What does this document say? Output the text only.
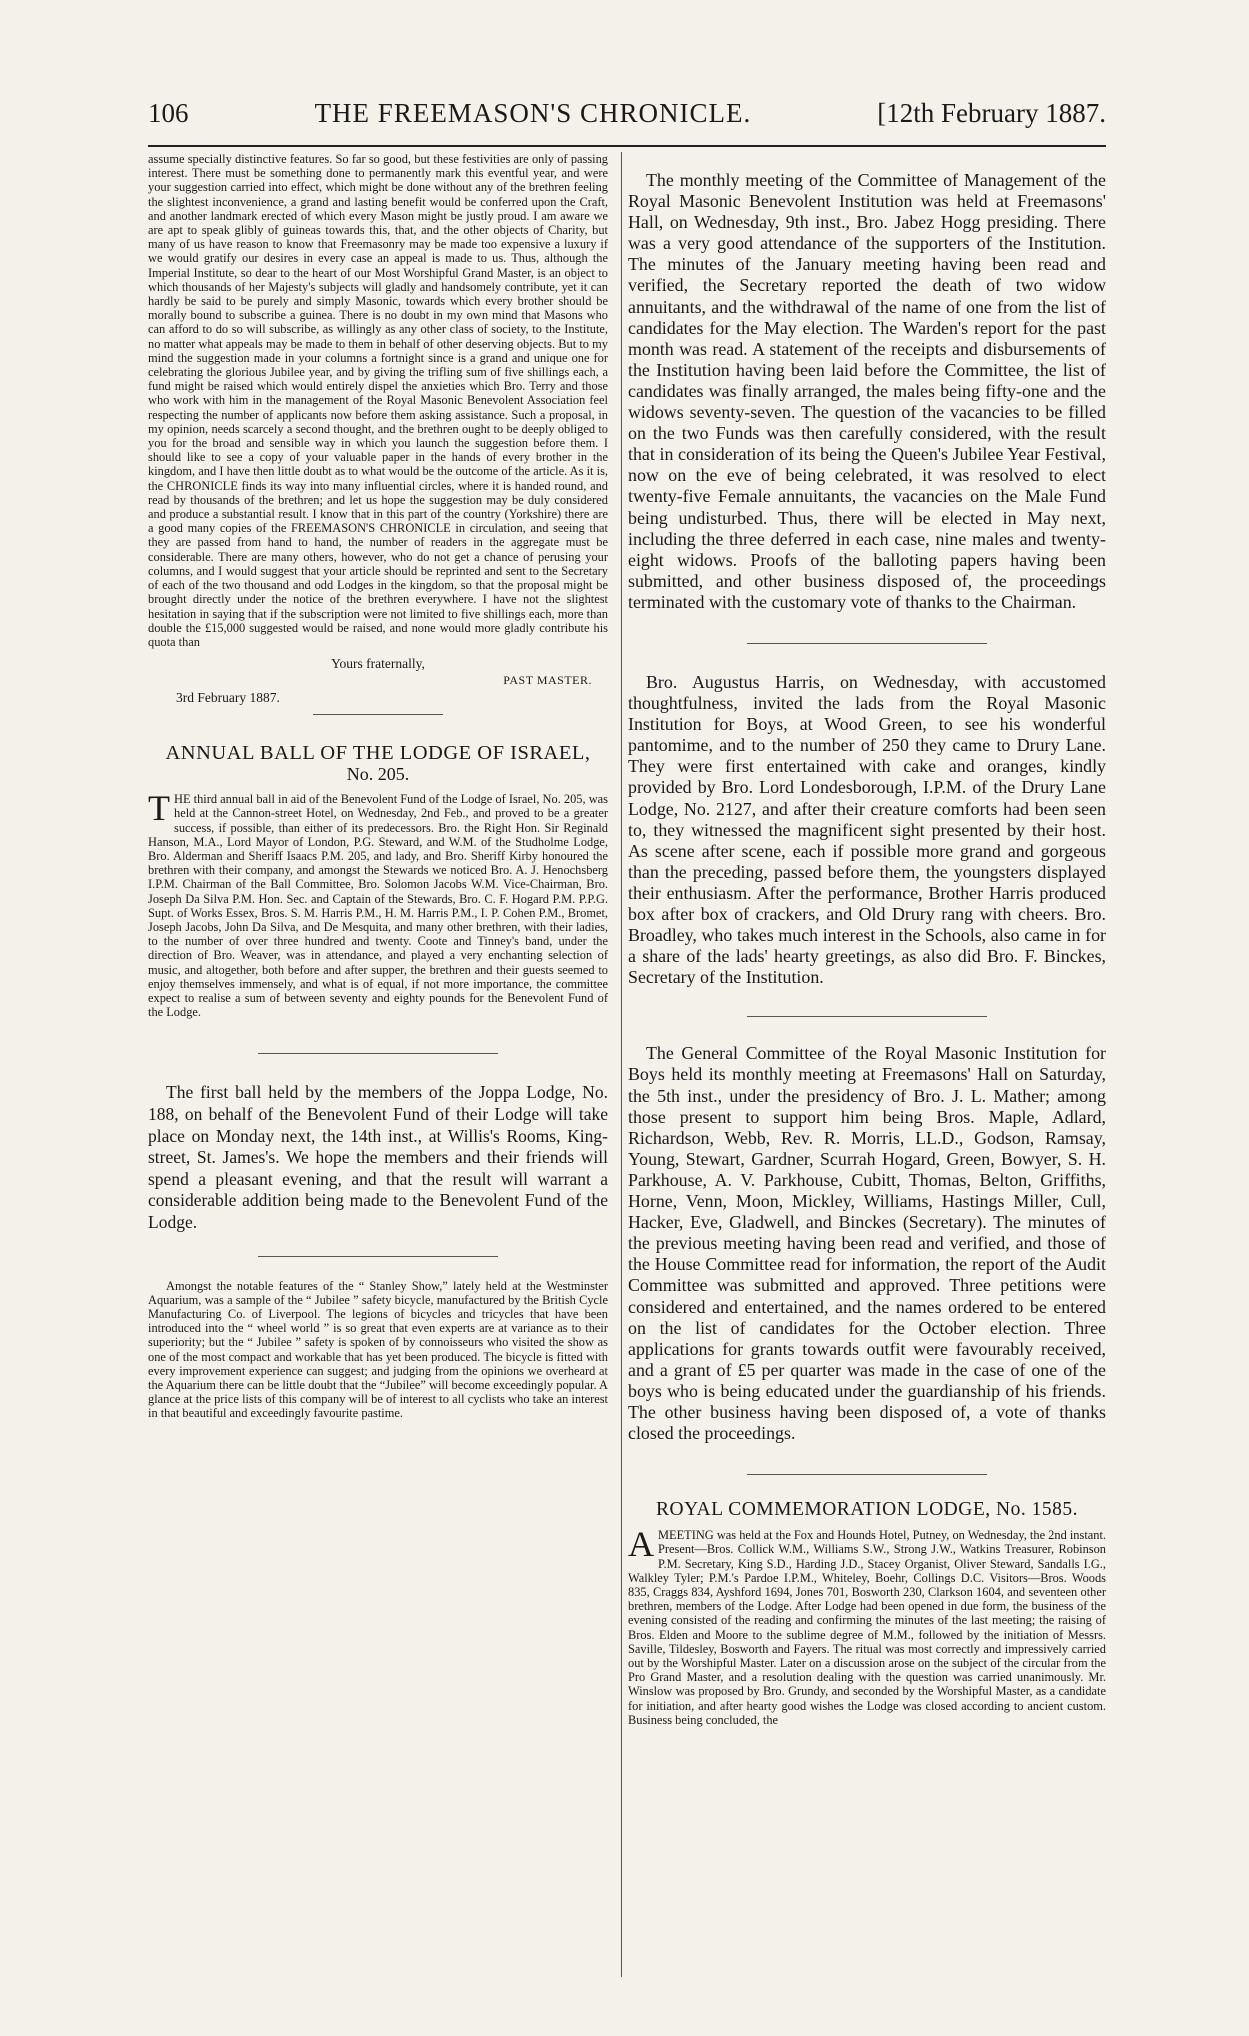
106	THE FREEMASON'S CHRONICLE.	[12th February 1887.

assume specially distinctive features. So far so good, but these festivities are only of passing interest. There must be something done to permanently mark this eventful year, and were your suggestion carried into effect, which might be done without any of the brethren feeling the slightest inconvenience, a grand and lasting benefit would be conferred upon the Craft, and another landmark erected of which every Mason might be justly proud. I am aware we are apt to speak glibly of guineas towards this, that, and the other objects of Charity, but many of us have reason to know that Freemasonry may be made too expensive a luxury if we would gratify our desires in every case an appeal is made to us. Thus, although the Imperial Institute, so dear to the heart of our Most Worshipful Grand Master, is an object to which thousands of her Majesty's subjects will gladly and handsomely contribute, yet it can hardly be said to be purely and simply Masonic, towards which every brother should be morally bound to subscribe a guinea. There is no doubt in my own mind that Masons who can afford to do so will subscribe, as willingly as any other class of society, to the Institute, no matter what appeals may be made to them in behalf of other deserving objects. But to my mind the suggestion made in your columns a fortnight since is a grand and unique one for celebrating the glorious Jubilee year, and by giving the trifling sum of five shillings each, a fund might be raised which would entirely dispel the anxieties which Bro. Terry and those who work with him in the management of the Royal Masonic Benevolent Association feel respecting the number of applicants now before them asking assistance. Such a proposal, in my opinion, needs scarcely a second thought, and the brethren ought to be deeply obliged to you for the broad and sensible way in which you launch the suggestion before them. I should like to see a copy of your valuable paper in the hands of every brother in the kingdom, and I have then little doubt as to what would be the outcome of the article. As it is, the CHRONICLE finds its way into many influential circles, where it is handed round, and read by thousands of the brethren; and let us hope the suggestion may be duly considered and produce a substantial result. I know that in this part of the country (Yorkshire) there are a good many copies of the FREEMASON'S CHRONICLE in circulation, and seeing that they are passed from hand to hand, the number of readers in the aggregate must be considerable. There are many others, however, who do not get a chance of perusing your columns, and I would suggest that your article should be reprinted and sent to the Secretary of each of the two thousand and odd Lodges in the kingdom, so that the proposal might be brought directly under the notice of the brethren everywhere. I have not the slightest hesitation in saying that if the subscription were not limited to five shillings each, more than double the £15,000 suggested would be raised, and none would more gladly contribute his quota than

Yours fraternally,

PAST MASTER.

3rd February 1887.

ANNUAL BALL OF THE LODGE OF ISRAEL,

No. 205.

THE third annual ball in aid of the Benevolent Fund of the Lodge of Israel, No. 205, was held at the Cannon-street Hotel, on Wednesday, 2nd Feb., and proved to be a greater success, if possible, than either of its predecessors. Bro. the Right Hon. Sir Reginald Hanson, M.A., Lord Mayor of London, P.G. Steward, and W.M. of the Studholme Lodge, Bro. Alderman and Sheriff Isaacs P.M. 205, and lady, and Bro. Sheriff Kirby honoured the brethren with their company, and amongst the Stewards we noticed Bro. A. J. Henochsberg I.P.M. Chairman of the Ball Committee, Bro. Solomon Jacobs W.M. Vice-Chairman, Bro. Joseph Da Silva P.M. Hon. Sec. and Captain of the Stewards, Bro. C. F. Hogard P.M. P.P.G. Supt. of Works Essex, Bros. S. M. Harris P.M., H. M. Harris P.M., I. P. Cohen P.M., Bromet, Joseph Jacobs, John Da Silva, and De Mesquita, and many other brethren, with their ladies, to the number of over three hundred and twenty. Coote and Tinney's band, under the direction of Bro. Weaver, was in attendance, and played a very enchanting selection of music, and altogether, both before and after supper, the brethren and their guests seemed to enjoy themselves immensely, and what is of equal, if not more importance, the committee expect to realise a sum of between seventy and eighty pounds for the Benevolent Fund of the Lodge.

The first ball held by the members of the Joppa Lodge, No. 188, on behalf of the Benevolent Fund of their Lodge will take place on Monday next, the 14th inst., at Willis's Rooms, King-street, St. James's. We hope the members and their friends will spend a pleasant evening, and that the result will warrant a considerable addition being made to the Benevolent Fund of the Lodge.

Amongst the notable features of the “ Stanley Show,” lately held at the Westminster Aquarium, was a sample of the “ Jubilee ” safety bicycle, manufactured by the British Cycle Manufacturing Co. of Liverpool. The legions of bicycles and tricycles that have been introduced into the “ wheel world ” is so great that even experts are at variance as to their superiority; but the “ Jubilee ” safety is spoken of by connoisseurs who visited the show as one of the most compact and workable that has yet been produced. The bicycle is fitted with every improvement experience can suggest; and judging from the opinions we overheard at the Aquarium there can be little doubt that the “Jubilee” will become exceedingly popular. A glance at the price lists of this company will be of interest to all cyclists who take an interest in that beautiful and exceedingly favourite pastime.

The monthly meeting of the Committee of Management of the Royal Masonic Benevolent Institution was held at Freemasons' Hall, on Wednesday, 9th inst., Bro. Jabez Hogg presiding. There was a very good attendance of the supporters of the Institution. The minutes of the January meeting having been read and verified, the Secretary reported the death of two widow annuitants, and the withdrawal of the name of one from the list of candidates for the May election. The Warden's report for the past month was read. A statement of the receipts and disbursements of the Institution having been laid before the Committee, the list of candidates was finally arranged, the males being fifty-one and the widows seventy-seven. The question of the vacancies to be filled on the two Funds was then carefully considered, with the result that in consideration of its being the Queen's Jubilee Year Festival, now on the eve of being celebrated, it was resolved to elect twenty-five Female annuitants, the vacancies on the Male Fund being undisturbed. Thus, there will be elected in May next, including the three deferred in each case, nine males and twenty-eight widows. Proofs of the balloting papers having been submitted, and other business disposed of, the proceedings terminated with the customary vote of thanks to the Chairman.

Bro. Augustus Harris, on Wednesday, with accustomed thoughtfulness, invited the lads from the Royal Masonic Institution for Boys, at Wood Green, to see his wonderful pantomime, and to the number of 250 they came to Drury Lane. They were first entertained with cake and oranges, kindly provided by Bro. Lord Londesborough, I.P.M. of the Drury Lane Lodge, No. 2127, and after their creature comforts had been seen to, they witnessed the magnificent sight presented by their host. As scene after scene, each if possible more grand and gorgeous than the preceding, passed before them, the youngsters displayed their enthusiasm. After the performance, Brother Harris produced box after box of crackers, and Old Drury rang with cheers. Bro. Broadley, who takes much interest in the Schools, also came in for a share of the lads' hearty greetings, as also did Bro. F. Binckes, Secretary of the Institution.

The General Committee of the Royal Masonic Institution for Boys held its monthly meeting at Freemasons' Hall on Saturday, the 5th inst., under the presidency of Bro. J. L. Mather; among those present to support him being Bros. Maple, Adlard, Richardson, Webb, Rev. R. Morris, LL.D., Godson, Ramsay, Young, Stewart, Gardner, Scurrah Hogard, Green, Bowyer, S. H. Parkhouse, A. V. Parkhouse, Cubitt, Thomas, Belton, Griffiths, Horne, Venn, Moon, Mickley, Williams, Hastings Miller, Cull, Hacker, Eve, Gladwell, and Binckes (Secretary). The minutes of the previous meeting having been read and verified, and those of the House Committee read for information, the report of the Audit Committee was submitted and approved. Three petitions were considered and entertained, and the names ordered to be entered on the list of candidates for the October election. Three applications for grants towards outfit were favourably received, and a grant of £5 per quarter was made in the case of one of the boys who is being educated under the guardianship of his friends. The other business having been disposed of, a vote of thanks closed the proceedings.

ROYAL COMMEMORATION LODGE, No. 1585.

AMEETING was held at the Fox and Hounds Hotel, Putney, on Wednesday, the 2nd instant. Present—Bros. Collick W.M., Williams S.W., Strong J.W., Watkins Treasurer, Robinson P.M. Secretary, King S.D., Harding J.D., Stacey Organist, Oliver Steward, Sandalls I.G., Walkley Tyler; P.M.'s Pardoe I.P.M., Whiteley, Boehr, Collings D.C. Visitors—Bros. Woods 835, Craggs 834, Ayshford 1694, Jones 701, Bosworth 230, Clarkson 1604, and seventeen other brethren, members of the Lodge. After Lodge had been opened in due form, the business of the evening consisted of the reading and confirming the minutes of the last meeting; the raising of Bros. Elden and Moore to the sublime degree of M.M., followed by the initiation of Messrs. Saville, Tildesley, Bosworth and Fayers. The ritual was most correctly and impressively carried out by the Worshipful Master. Later on a discussion arose on the subject of the circular from the Pro Grand Master, and a resolution dealing with the question was carried unanimously. Mr. Winslow was proposed by Bro. Grundy, and seconded by the Worshipful Master, as a candidate for initiation, and after hearty good wishes the Lodge was closed according to ancient custom. Business being concluded, the
